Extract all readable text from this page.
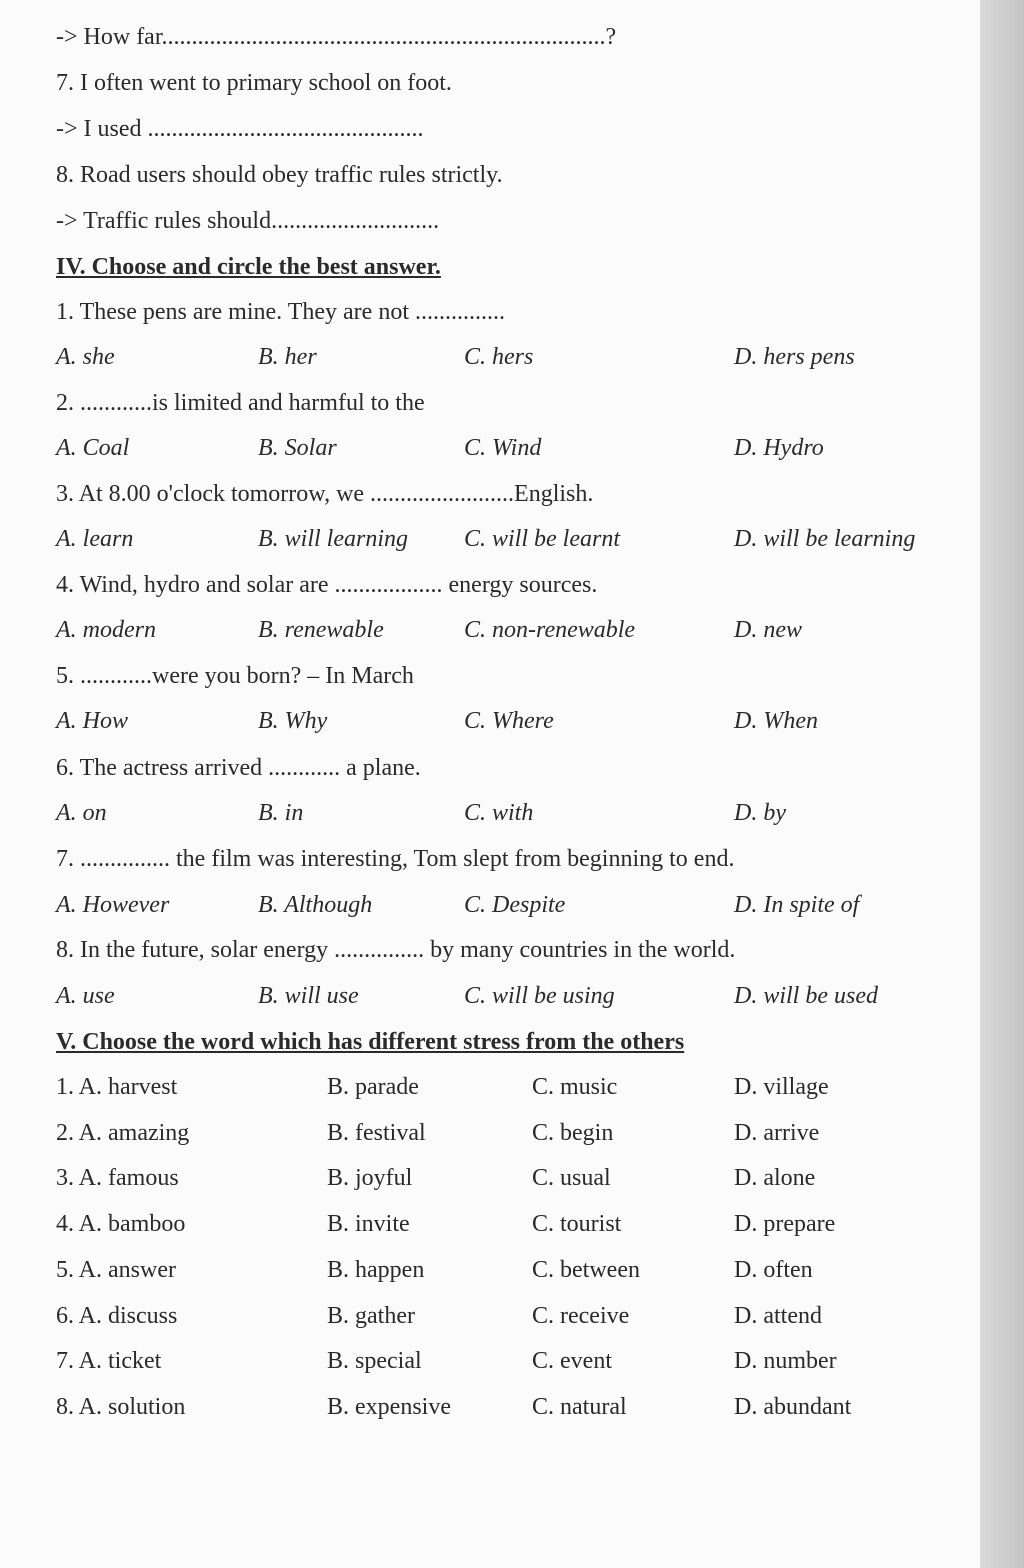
-> How far..........................................................................?
7. I often went to primary school on foot.
-> I used ..............................................
8. Road users should obey traffic rules strictly.
-> Traffic rules should............................
IV. Choose and circle the best answer.
1. These pens are mine. They are not ...............
A. she	B. her	C. hers	D. hers pens
2. ............is limited and harmful to the
A. Coal	B. Solar	C. Wind	D. Hydro
3. At 8.00 o'clock tomorrow, we ........................English.
A. learn	B. will learning C. will be learnt	D. will be learning
4. Wind, hydro and solar are .................. energy sources.
A. modern	B. renewable	C. non-renewable	D. new
5. ............were you born? – In March
A. How	B. Why	C. Where	D. When
6. The actress arrived ............ a plane.
A. on	B. in	C. with	D. by
7. ............... the film was interesting, Tom slept from beginning to end.
A. However	B. Although	C. Despite	D. In spite of
8. In the future, solar energy ............... by many countries in the world.
A. use	B. will use	C. will be using	D. will be used
V. Choose the word which has different stress from the others
1. A. harvest	B. parade	C. music	D. village
2. A. amazing	B. festival	C. begin	D. arrive
3. A. famous	B. joyful	C. usual	D. alone
4. A. bamboo	B. invite	C. tourist	D. prepare
5. A. answer	B. happen	C. between	D. often
6. A. discuss	B. gather	C. receive	D. attend
7. A. ticket	B. special	C. event	D. number
8. A. solution	B. expensive	C. natural	D. abundant
